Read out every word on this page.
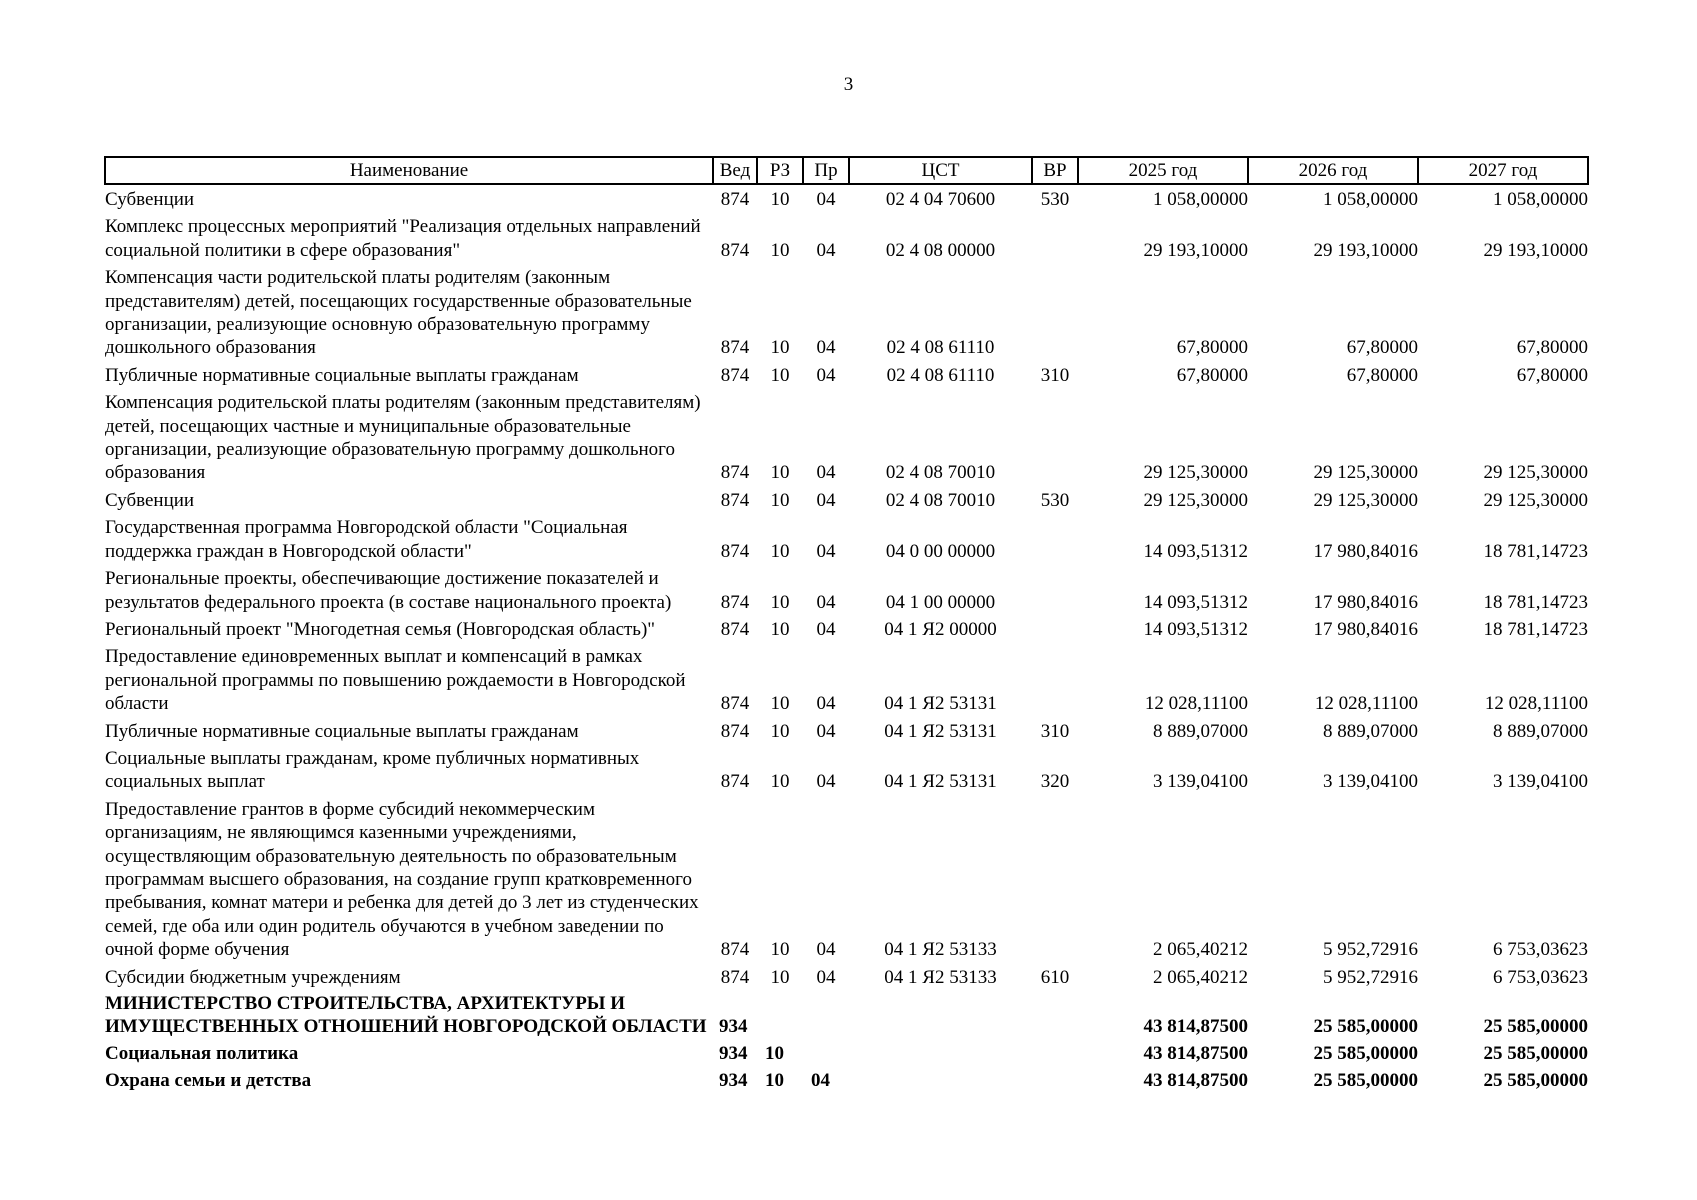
3
Наименование	Вед	РЗ	Пр	ЦСТ	ВР	2025 год	2026 год	2027 год
Субвенции	874	10	04	02 4 04 70600	530	1 058,00000	1 058,00000	1 058,00000
Комплекс процессных мероприятий "Реализация отдельных направлений социальной политики в сфере образования"	874	10	04	02 4 08 00000		29 193,10000	29 193,10000	29 193,10000
Компенсация части родительской платы родителям (законным представителям) детей, посещающих государственные образовательные организации, реализующие основную образовательную программу дошкольного образования	874	10	04	02 4 08 61110		67,80000	67,80000	67,80000
Публичные нормативные социальные выплаты гражданам	874	10	04	02 4 08 61110	310	67,80000	67,80000	67,80000
Компенсация родительской платы родителям (законным представителям) детей, посещающих частные и муниципальные образовательные организации, реализующие образовательную программу дошкольного образования	874	10	04	02 4 08 70010		29 125,30000	29 125,30000	29 125,30000
Субвенции	874	10	04	02 4 08 70010	530	29 125,30000	29 125,30000	29 125,30000
Государственная программа Новгородской области "Социальная поддержка граждан в Новгородской области"	874	10	04	04 0 00 00000		14 093,51312	17 980,84016	18 781,14723
Региональные проекты, обеспечивающие достижение показателей и результатов федерального проекта (в составе национального проекта)	874	10	04	04 1 00 00000		14 093,51312	17 980,84016	18 781,14723
Региональный проект "Многодетная семья (Новгородская область)"	874	10	04	04 1 Я2 00000		14 093,51312	17 980,84016	18 781,14723
Предоставление единовременных выплат и компенсаций в рамках региональной программы по повышению рождаемости в Новгородской области	874	10	04	04 1 Я2 53131		12 028,11100	12 028,11100	12 028,11100
Публичные нормативные социальные выплаты гражданам	874	10	04	04 1 Я2 53131	310	8 889,07000	8 889,07000	8 889,07000
Социальные выплаты гражданам, кроме публичных нормативных социальных выплат	874	10	04	04 1 Я2 53131	320	3 139,04100	3 139,04100	3 139,04100
Предоставление грантов в форме субсидий некоммерческим организациям, не являющимся казенными учреждениями, осуществляющим образовательную деятельность по образовательным программам высшего образования, на создание групп кратковременного пребывания, комнат матери и ребенка для детей до 3 лет из студенческих семей, где оба или один родитель обучаются в учебном заведении по очной форме обучения	874	10	04	04 1 Я2 53133		2 065,40212	5 952,72916	6 753,03623
Субсидии бюджетным учреждениям	874	10	04	04 1 Я2 53133	610	2 065,40212	5 952,72916	6 753,03623
МИНИСТЕРСТВО СТРОИТЕЛЬСТВА, АРХИТЕКТУРЫ И ИМУЩЕСТВЕННЫХ ОТНОШЕНИЙ НОВГОРОДСКОЙ ОБЛАСТИ	934					43 814,87500	25 585,00000	25 585,00000
Социальная политика	934	10				43 814,87500	25 585,00000	25 585,00000
Охрана семьи и детства	934	10	04			43 814,87500	25 585,00000	25 585,00000
